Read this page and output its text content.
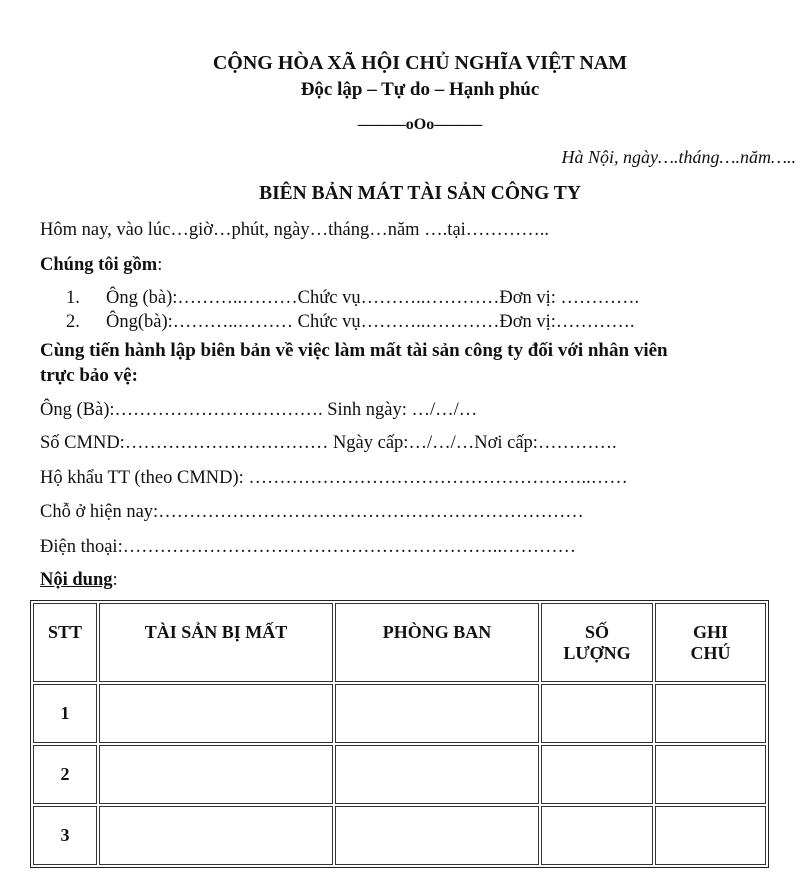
CỘNG HÒA XÃ HỘI CHỦ NGHĨA VIỆT NAM
Độc lập – Tự do – Hạnh phúc
———oOo———
Hà Nội, ngày….tháng….năm…..
BIÊN BẢN MÁT TÀI SẢN CÔNG TY
Hôm nay, vào lúc…giờ…phút, ngày…tháng…năm ….tại…………..
Chúng tôi gồm:
1. Ông (bà):………..………Chức vụ………..…………Đơn vị: ………….
2. Ông(bà):………..……… Chức vụ………..…………Đơn vị:………….
Cùng tiến hành lập biên bản về việc làm mất tài sản công ty đối với nhân viên
trực bảo vệ:
Ông (Bà):……………………………. Sinh ngày: …/…/…
Số CMND:…………………………… Ngày cấp:…/…/…Nơi cấp:………….
Hộ khẩu TT (theo CMND): ………………………………………………..……
Chỗ ở hiện nay:……………………………………………………………
Điện thoại:……………………………………………………..…………
Nội dung:
STT	TÀI SẢN BỊ MẤT	PHÒNG BAN	SỐ LƯỢNG	GHI CHÚ
1				
2				
3				
